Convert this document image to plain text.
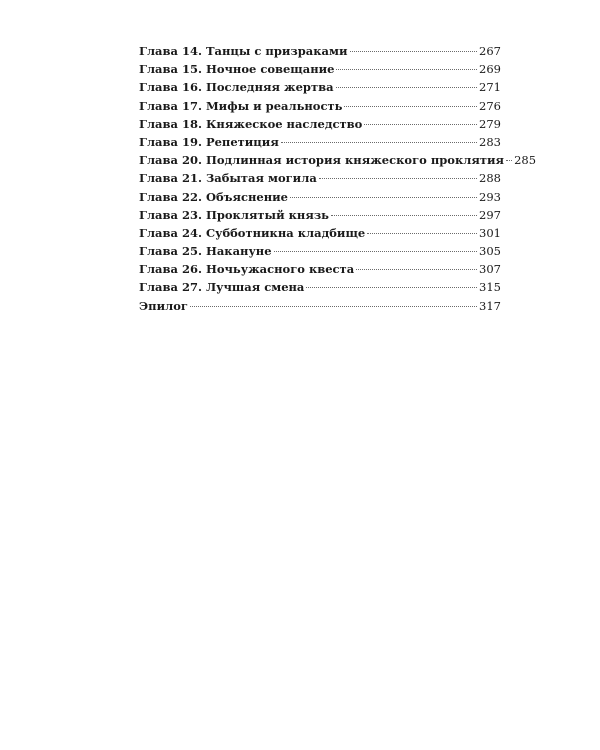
Глава 14. Танцы с призраками	267
Глава 15. Ночное совещание	269
Глава 16. Последняя жертва	271
Глава 17. Мифы и реальность	276
Глава 18. Княжеское наследство	279
Глава 19. Репетиция	283
Глава 20. Подлинная история княжеского проклятия 285
Глава 21. Забытая могила	288
Глава 22. Объяснение	293
Глава 23. Проклятый князь	297
Глава 24. Субботникна кладбище	301
Глава 25. Накануне	305
Глава 26. Ночьужасного квеста	307
Глава 27. Лучшая смена	315
Эпилог	317
